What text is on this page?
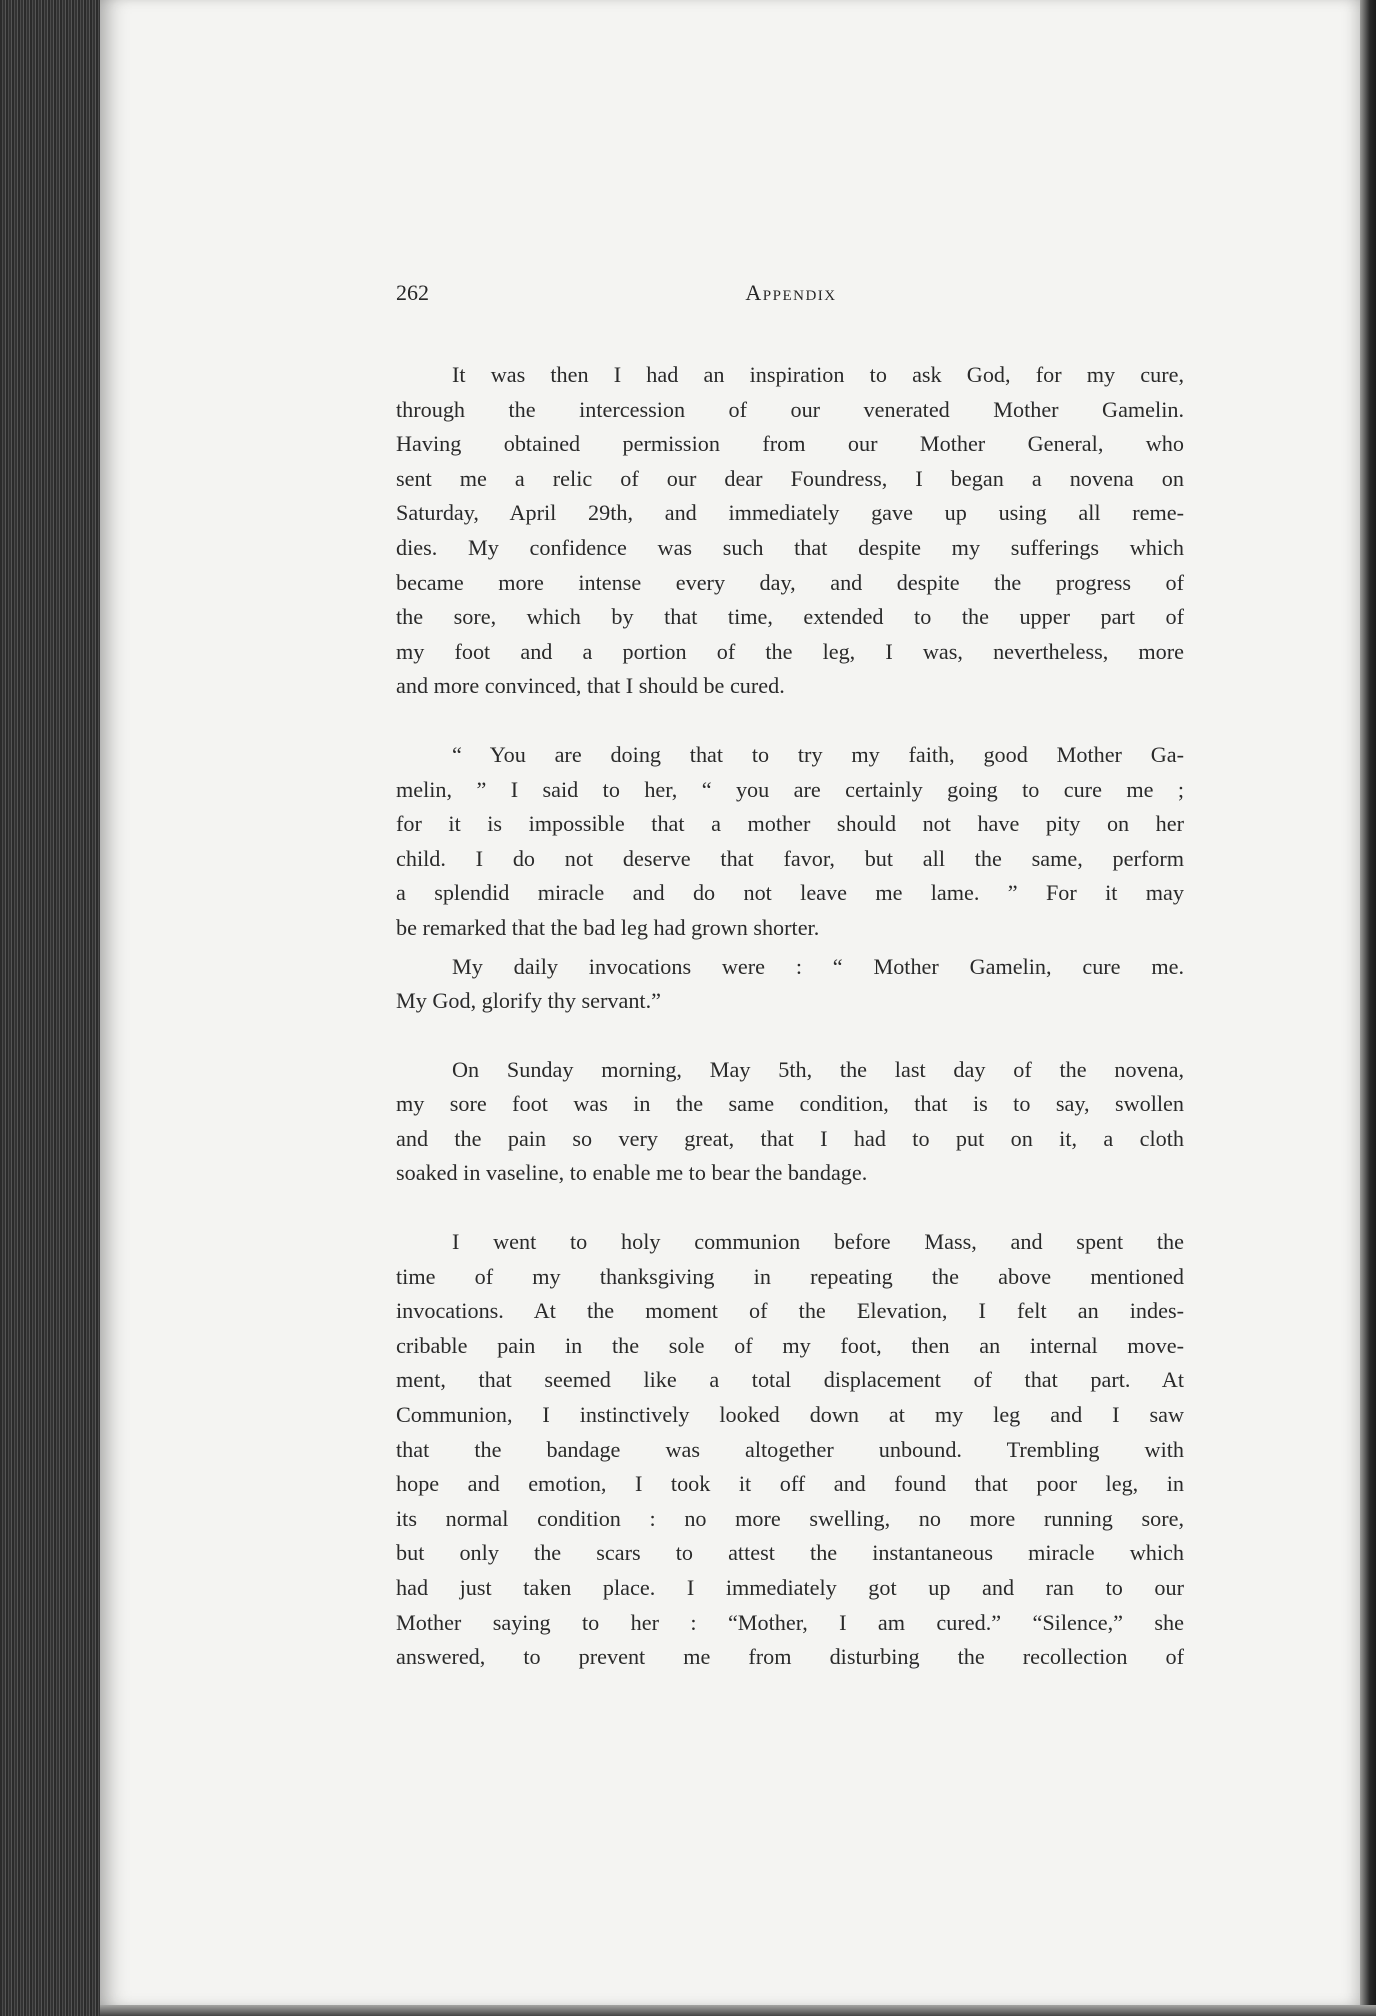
262	Appendix

It was then I had an inspiration to ask God, for my cure,
through the intercession of our venerated Mother Gamelin.
Having obtained permission from our Mother General, who
sent me a relic of our dear Foundress, I began a novena on
Saturday, April 29th, and immediately gave up using all reme-
dies. My confidence was such that despite my sufferings which
became more intense every day, and despite the progress of
the sore, which by that time, extended to the upper part of
my foot and a portion of the leg, I was, nevertheless, more
and more convinced, that I should be cured.

“ You are doing that to try my faith, good Mother Ga-
melin, ” I said to her, “ you are certainly going to cure me ;
for it is impossible that a mother should not have pity on her
child. I do not deserve that favor, but all the same, perform
a splendid miracle and do not leave me lame. ” For it may
be remarked that the bad leg had grown shorter.

My daily invocations were : “ Mother Gamelin, cure me.
My God, glorify thy servant.”

On Sunday morning, May 5th, the last day of the novena,
my sore foot was in the same condition, that is to say, swollen
and the pain so very great, that I had to put on it, a cloth
soaked in vaseline, to enable me to bear the bandage.

I went to holy communion before Mass, and spent the
time of my thanksgiving in repeating the above mentioned
invocations. At the moment of the Elevation, I felt an indes-
cribable pain in the sole of my foot, then an internal move-
ment, that seemed like a total displacement of that part. At
Communion, I instinctively looked down at my leg and I saw
that the bandage was altogether unbound. Trembling with
hope and emotion, I took it off and found that poor leg, in
its normal condition : no more swelling, no more running sore,
but only the scars to attest the instantaneous miracle which
had just taken place. I immediately got up and ran to our
Mother saying to her : “Mother, I am cured.” “Silence,” she
answered, to prevent me from disturbing the recollection of
